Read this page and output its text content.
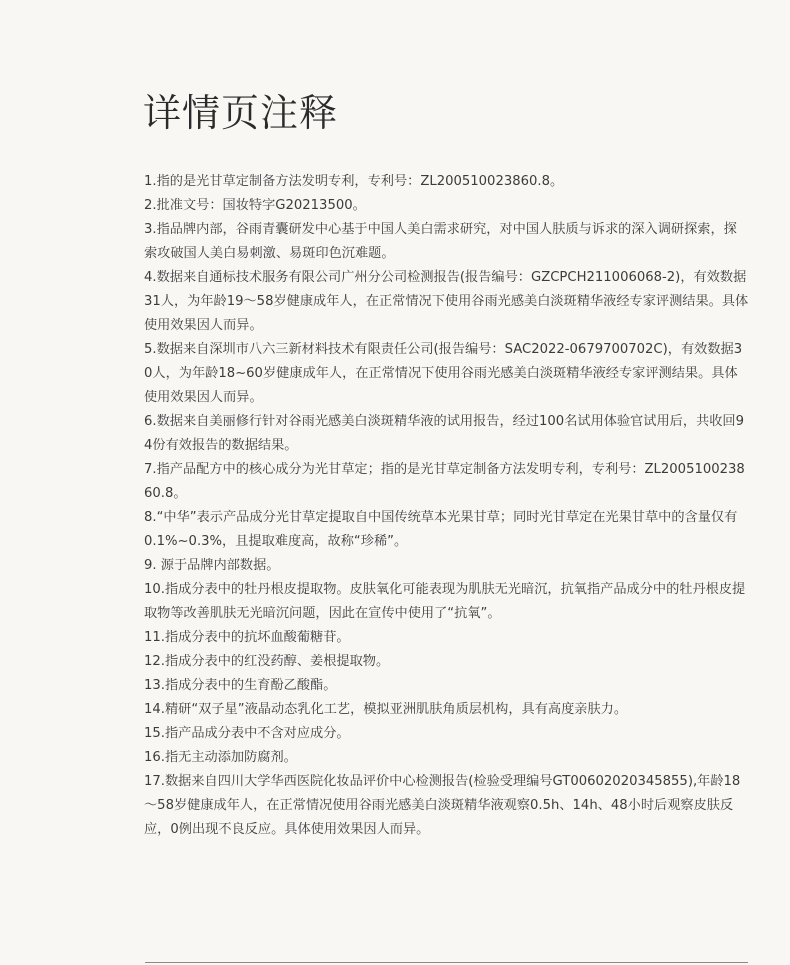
详情页注释
1.指的是光甘草定制备方法发明专利，专利号：ZL200510023860.8。
2.批准文号：国妆特字G20213500。
3.指品牌内部，谷雨青囊研发中心基于中国人美白需求研究，对中国人肤质与诉求的深入调研探索，探索攻破国人美白易刺激、易斑印色沉难题。
4.数据来自通标技术服务有限公司广州分公司检测报告(报告编号：GZCPCH211006068-2)，有效数据31人，为年龄19～58岁健康成年人，在正常情况下使用谷雨光感美白淡斑精华液经专家评测结果。具体使用效果因人而异。
5.数据来自深圳市八六三新材料技术有限责任公司(报告编号：SAC2022-0679700702C)，有效数据30人，为年龄18~60岁健康成年人，在正常情况下使用谷雨光感美白淡斑精华液经专家评测结果。具体使用效果因人而异。
6.数据来自美丽修行针对谷雨光感美白淡斑精华液的试用报告，经过100名试用体验官试用后，共收回94份有效报告的数据结果。
7.指产品配方中的核心成分为光甘草定；指的是光甘草定制备方法发明专利，专利号：ZL200510023860.8。
8.“中华”表示产品成分光甘草定提取自中国传统草本光果甘草；同时光甘草定在光果甘草中的含量仅有0.1%~0.3%，且提取难度高，故称“珍稀”。
9. 源于品牌内部数据。
10.指成分表中的牡丹根皮提取物。皮肤氧化可能表现为肌肤无光暗沉，抗氧指产品成分中的牡丹根皮提取物等改善肌肤无光暗沉问题，因此在宣传中使用了“抗氧”。
11.指成分表中的抗坏血酸葡糖苷。
12.指成分表中的红没药醇、姜根提取物。
13.指成分表中的生育酚乙酸酯。
14.精研“双子星”液晶动态乳化工艺，模拟亚洲肌肤角质层机构，具有高度亲肤力。
15.指产品成分表中不含对应成分。
16.指无主动添加防腐剂。
17.数据来自四川大学华西医院化妆品评价中心检测报告(检验受理编号GT00602020345855),年龄18～58岁健康成年人，在正常情况使用谷雨光感美白淡斑精华液观察0.5h、14h、48小时后观察皮肤反应，0例出现不良反应。具体使用效果因人而异。
